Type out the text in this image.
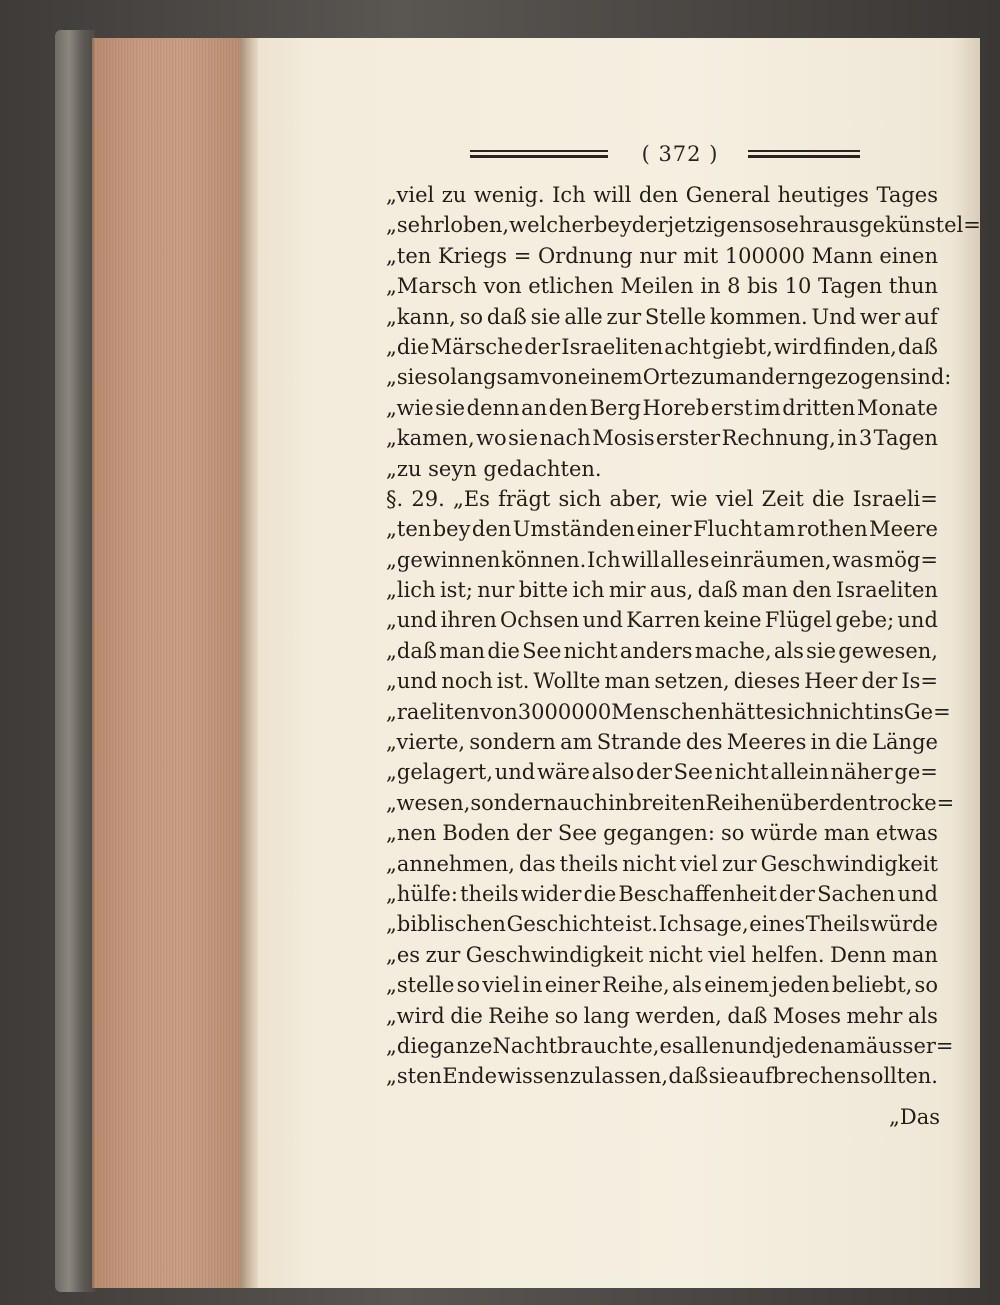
( 372 )
„viel zu wenig. Ich will den General heutiges Tages
„sehr loben, welcher bey der jetzigen so sehr ausgekünstel=
„ten Kriegs = Ordnung nur mit 100000 Mann einen
„Marsch von etlichen Meilen in 8 bis 10 Tagen thun
„kann, so daß sie alle zur Stelle kommen. Und wer auf
„die Märsche der Israeliten acht giebt, wird finden, daß
„sie so langsam von einem Orte zum andern gezogen sind:
„wie sie denn an den Berg Horeb erst im dritten Monate
„kamen, wo sie nach Mosis erster Rechnung, in 3 Tagen
„zu seyn gedachten.
§. 29. „Es frägt sich aber, wie viel Zeit die Israeli=
„ten bey den Umständen einer Flucht am rothen Meere
„gewinnen können. Ich will alles einräumen, was mög=
„lich ist; nur bitte ich mir aus, daß man den Israeliten
„und ihren Ochsen und Karren keine Flügel gebe; und
„daß man die See nicht anders mache, als sie gewesen,
„und noch ist. Wollte man setzen, dieses Heer der Is=
„raeliten von 3000000 Menschen hätte sich nicht ins Ge=
„vierte, sondern am Strande des Meeres in die Länge
„gelagert, und wäre also der See nicht allein näher ge=
„wesen, sondern auch in breiten Reihen über den trocke=
„nen Boden der See gegangen: so würde man etwas
„annehmen, das theils nicht viel zur Geschwindigkeit
„hülfe: theils wider die Beschaffenheit der Sachen und
„biblischen Geschichte ist. Ich sage, eines Theils würde
„es zur Geschwindigkeit nicht viel helfen. Denn man
„stelle so viel in einer Reihe, als einem jeden beliebt, so
„wird die Reihe so lang werden, daß Moses mehr als
„die ganze Nacht brauchte, es allen und jeden am äusser=
„sten Ende wissen zu lassen, daß sie aufbrechen sollten.
„Das
